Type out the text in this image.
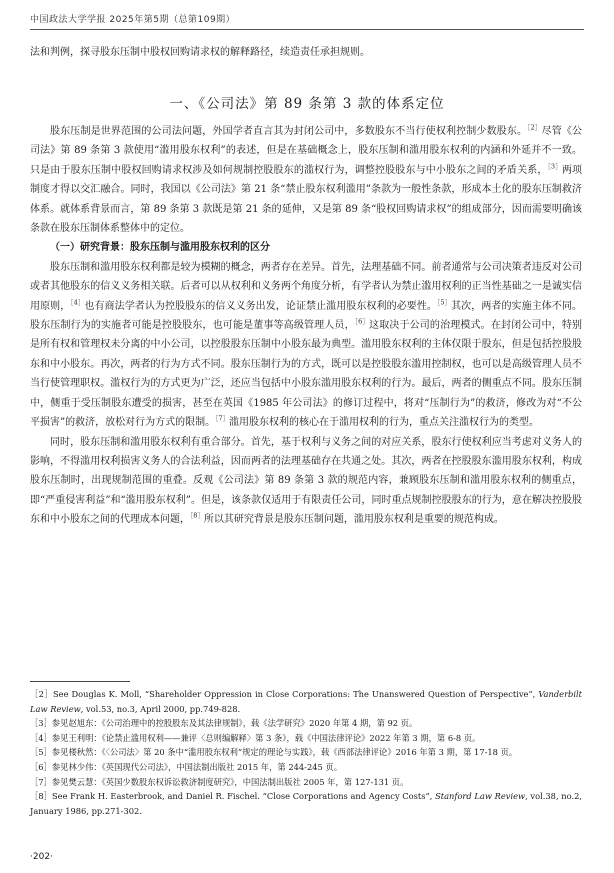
中国政法大学学报 2025年第5期（总第109期）

法和判例，探寻股东压制中股权回购请求权的解释路径，续造责任承担规则。

一、《公司法》第 89 条第 3 款的体系定位

股东压制是世界范围的公司法问题，外国学者直言其为封闭公司中，多数股东不当行使权利控制少数股东。$^{[2]}$尽管《公司法》第 89 条第 3 款使用“滥用股东权利”的表述，但是在基础概念上，股东压制和滥用股东权利的内涵和外延并不一致。只是由于股东压制中股权回购请求权涉及如何规制控股股东的滥权行为，调整控股股东与中小股东之间的矛盾关系，$^{[3]}$两项制度才得以交汇融合。同时，我国以《公司法》第 21 条“禁止股东权利滥用”条款为一般性条款，形成本土化的股东压制救济体系。就体系背景而言，第 89 条第 3 款既是第 21 条的延伸，又是第 89 条“股权回购请求权”的组成部分，因而需要明确该条款在股东压制体系整体中的定位。

（一）研究背景：股东压制与滥用股东权利的区分

股东压制和滥用股东权利都是较为模糊的概念，两者存在差异。首先，法理基础不同。前者通常与公司决策者违反对公司或者其他股东的信义义务相关联。后者可以从权利和义务两个角度分析，有学者认为禁止滥用权利的正当性基础之一是诚实信用原则，$^{[4]}$也有商法学者认为控股股东的信义义务出发，论证禁止滥用股东权利的必要性。$^{[5]}$其次，两者的实施主体不同。股东压制行为的实施者可能是控股股东，也可能是董事等高级管理人员，$^{[6]}$这取决于公司的治理模式。在封闭公司中，特别是所有权和管理权未分离的中小公司，以控股股东压制中小股东最为典型。滥用股东权利的主体仅限于股东，但是包括控股股东和中小股东。再次，两者的行为方式不同。股东压制行为的方式，既可以是控股股东滥用控制权，也可以是高级管理人员不当行使管理职权。滥权行为的方式更为广泛，还应当包括中小股东滥用股东权利的行为。最后，两者的侧重点不同。股东压制中，侧重于受压制股东遭受的损害，甚至在英国《1985 年公司法》的修订过程中，将对“压制行为”的救济，修改为对“不公平损害”的救济，放松对行为方式的限制。$^{[7]}$滥用股东权利的核心在于滥用权利的行为，重点关注滥权行为的类型。

同时，股东压制和滥用股东权利有重合部分。首先，基于权利与义务之间的对应关系，股东行使权利应当考虑对义务人的影响，不得滥用权利损害义务人的合法利益，因而两者的法理基础存在共通之处。其次，两者在控股股东滥用股东权利，构成股东压制时，出现规制范围的重叠。反观《公司法》第 89 条第 3 款的规范内容，兼顾股东压制和滥用股东权利的侧重点，即“严重侵害利益”和“滥用股东权利”。但是，该条款仅适用于有限责任公司，同时重点规制控股股东的行为，意在解决控股股东和中小股东之间的代理成本问题，$^{[8]}$所以其研究背景是股东压制问题，滥用股东权利是重要的规范构成。

［2］See Douglas K. Moll, “Shareholder Oppression in Close Corporations: The Unanswered Question of Perspective”, Vanderbilt Law Review, vol.53, no.3, April 2000, pp.749-828.

［3］参见赵旭东：《公司治理中的控股股东及其法律规制》，载《法学研究》2020 年第 4 期，第 92 页。

［4］参见王利明：《论禁止滥用权利——兼评〈总则编解释〉第 3 条》，载《中国法律评论》2022 年第 3 期，第 6-8 页。

［5］参见楼秋然：《〈公司法〉第 20 条中“滥用股东权利”规定的理论与实践》，载《西部法律评论》2016 年第 3 期，第 17-18 页。

［6］参见林少伟：《英国现代公司法》，中国法制出版社 2015 年，第 244-245 页。

［7］参见樊云慧：《英国少数股东权诉讼救济制度研究》，中国法制出版社 2005 年，第 127-131 页。

［8］See Frank H. Easterbrook, and Daniel R. Fischel. “Close Corporations and Agency Costs”, Stanford Law Review, vol.38, no.2, January 1986, pp.271-302.

·202·
